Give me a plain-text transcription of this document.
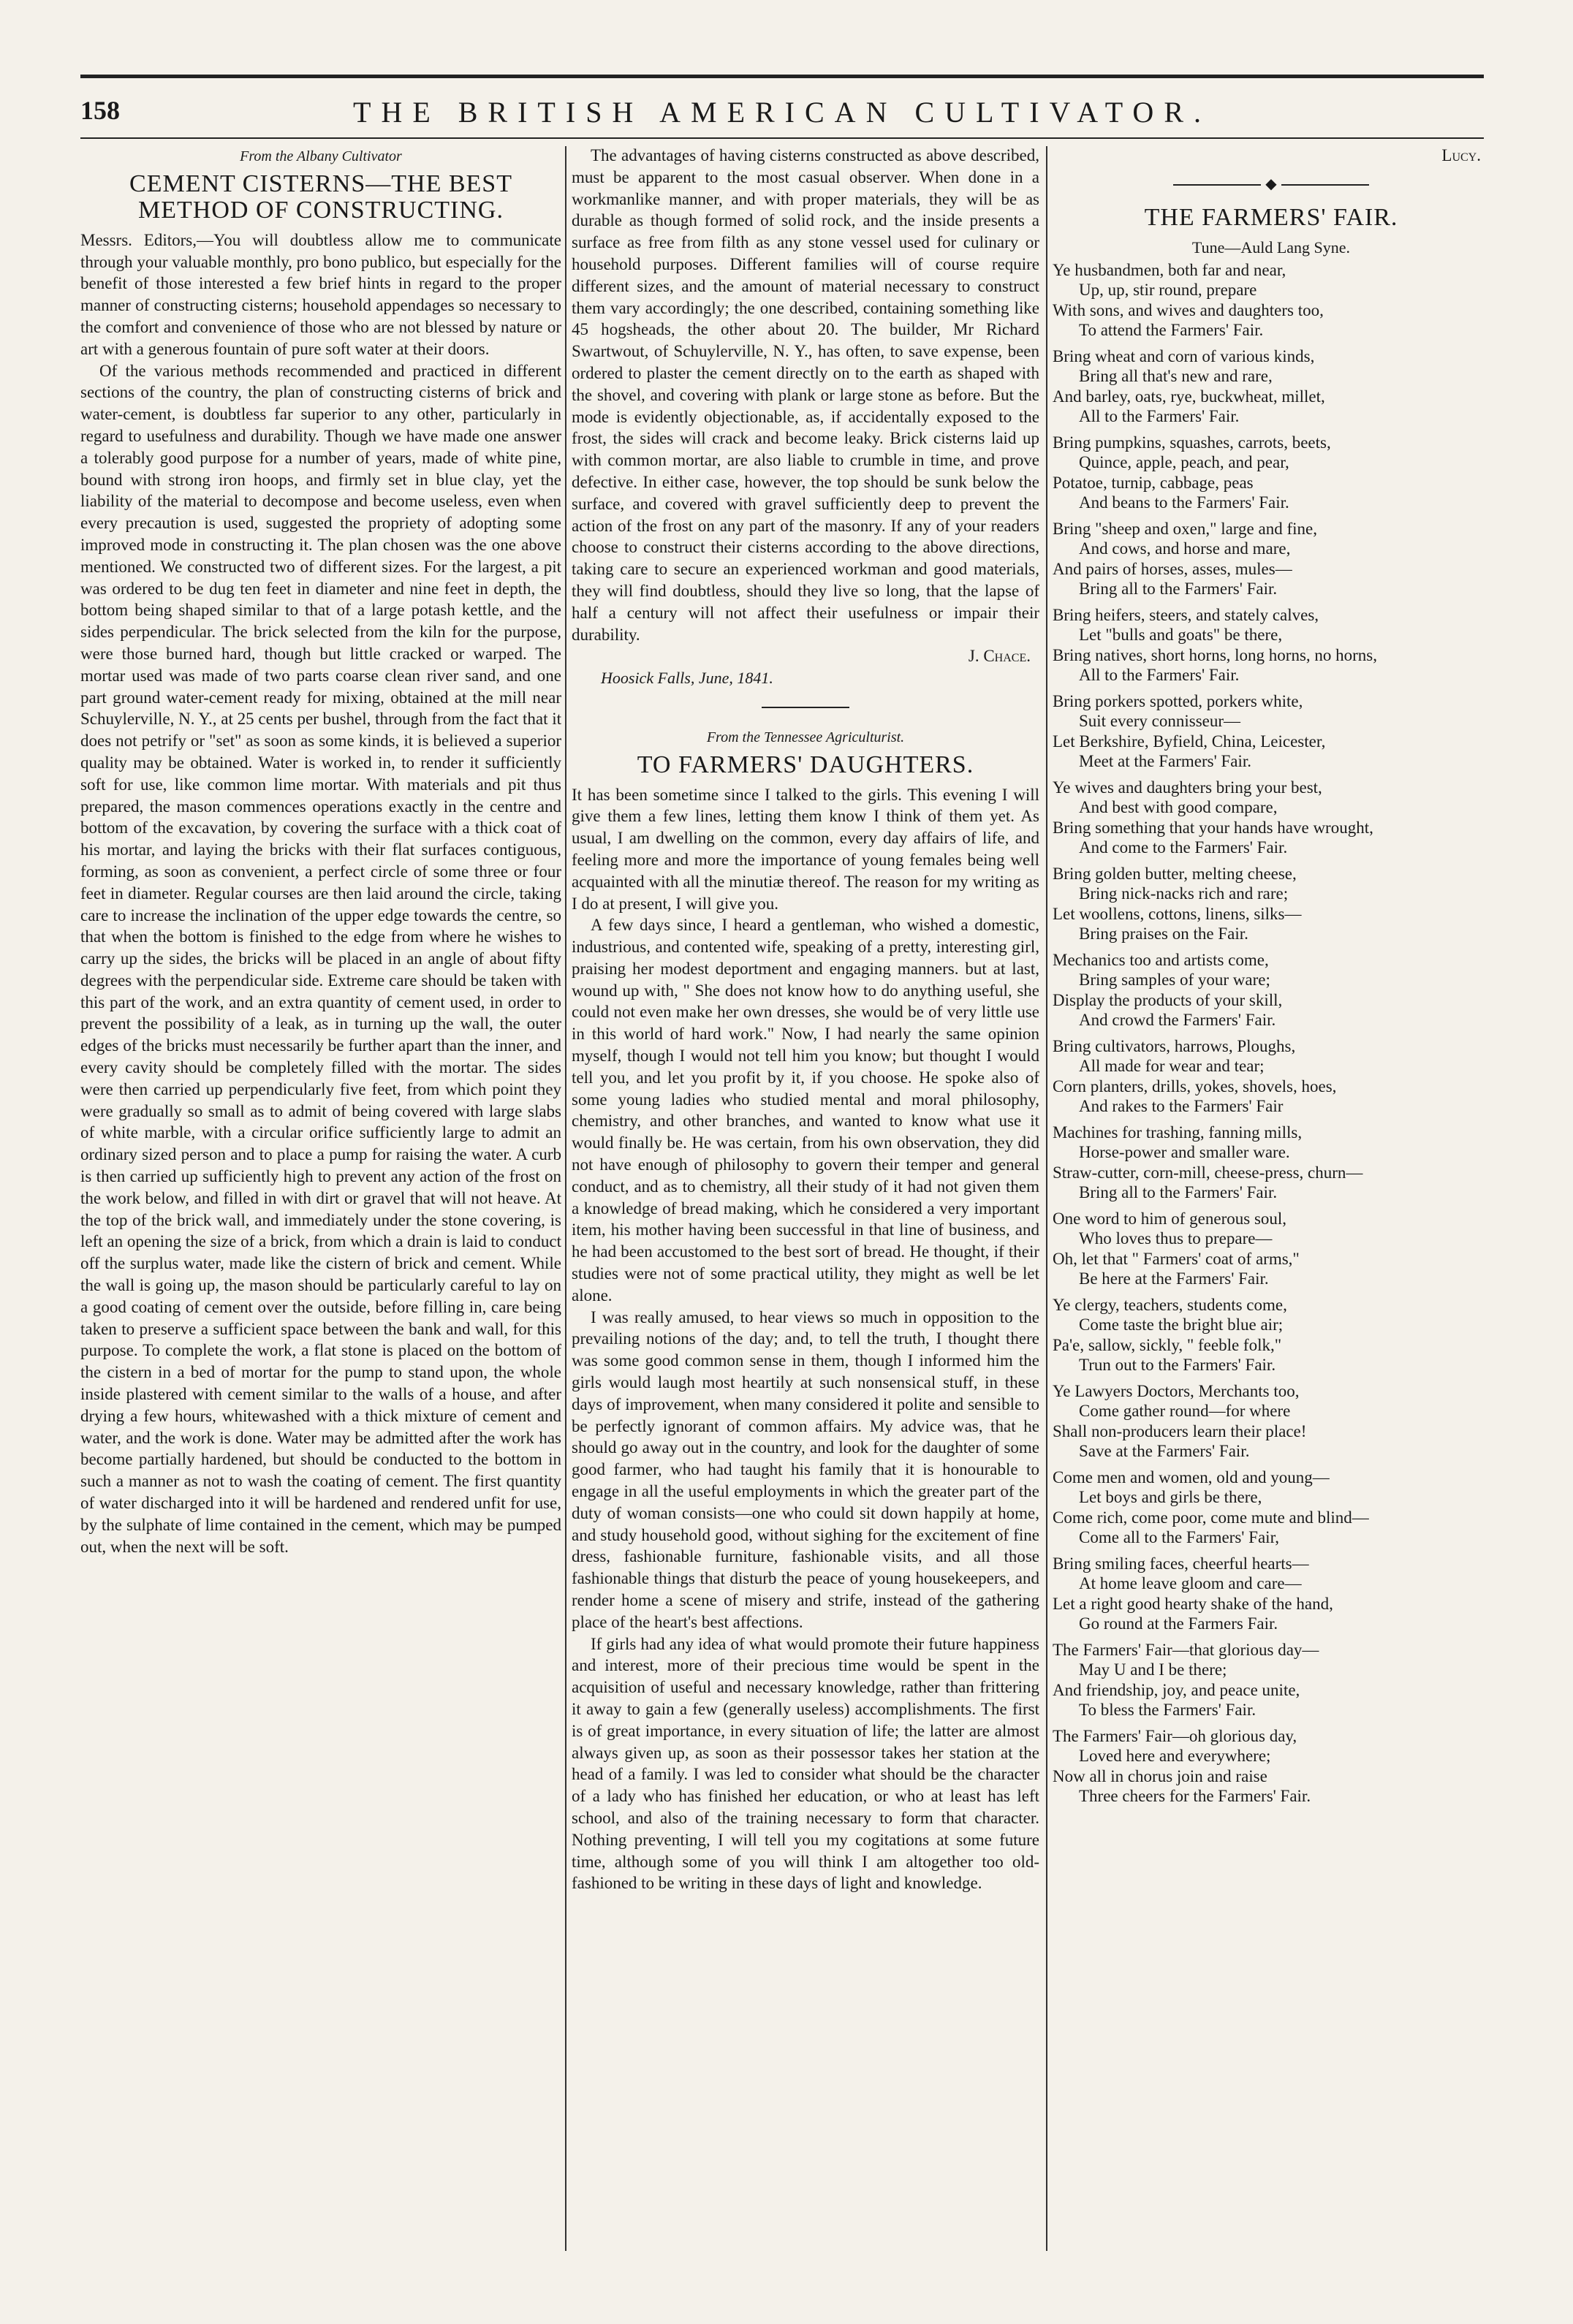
158	THE BRITISH AMERICAN CULTIVATOR.
From the Albany Cultivator
CEMENT CISTERNS—THE BEST METHOD OF CONSTRUCTING.

Messrs. Editors,—You will doubtless allow me to communicate through your valuable monthly, pro bono publico, but especially for the benefit of those interested a few brief hints in regard to the proper manner of constructing cisterns; household appendages so necessary to the comfort and convenience of those who are not blessed by nature or art with a generous fountain of pure soft water at their doors.

Of the various methods recommended and practiced in different sections of the country, the plan of constructing cisterns of brick and water-cement, is doubtless far superior to any other, particularly in regard to usefulness and durability. Though we have made one answer a tolerably good purpose for a number of years, made of white pine, bound with strong iron hoops, and firmly set in blue clay, yet the liability of the material to decompose and become useless, even when every precaution is used, suggested the propriety of adopting some improved mode in constructing it. The plan chosen was the one above mentioned. We constructed two of different sizes. For the largest, a pit was ordered to be dug ten feet in diameter and nine feet in depth, the bottom being shaped similar to that of a large potash kettle, and the sides perpendicular. The brick selected from the kiln for the purpose, were those burned hard, though but little cracked or warped. The mortar used was made of two parts coarse clean river sand, and one part ground water-cement ready for mixing, obtained at the mill near Schuylerville, N. Y., at 25 cents per bushel, through from the fact that it does not petrify or "set" as soon as some kinds, it is believed a superior quality may be obtained. Water is worked in, to render it sufficiently soft for use, like common lime mortar. With materials and pit thus prepared, the mason commences operations exactly in the centre and bottom of the excavation, by covering the surface with a thick coat of his mortar, and laying the bricks with their flat surfaces contiguous, forming, as soon as convenient, a perfect circle of some three or four feet in diameter. Regular courses are then laid around the circle, taking care to increase the inclination of the upper edge towards the centre, so that when the bottom is finished to the edge from where he wishes to carry up the sides, the bricks will be placed in an angle of about fifty degrees with the perpendicular side. Extreme care should be taken with this part of the work, and an extra quantity of cement used, in order to prevent the possibility of a leak, as in turning up the wall, the outer edges of the bricks must necessarily be further apart than the inner, and every cavity should be completely filled with the mortar. The sides were then carried up perpendicularly five feet, from which point they were gradually so small as to admit of being covered with large slabs of white marble, with a circular orifice sufficiently large to admit an ordinary sized person and to place a pump for raising the water. A curb is then carried up sufficiently high to prevent any action of the frost on the work below, and filled in with dirt or gravel that will not heave. At the top of the brick wall, and immediately under the stone covering, is left an opening the size of a brick, from which a drain is laid to conduct off the surplus water, made like the cistern of brick and cement. While the wall is going up, the mason should be particularly careful to lay on a good coating of cement over the outside, before filling in, care being taken to preserve a sufficient space between the bank and wall, for this purpose. To complete the work, a flat stone is placed on the bottom of the cistern in a bed of mortar for the pump to stand upon, the whole inside plastered with cement similar to the walls of a house, and after drying a few hours, whitewashed with a thick mixture of cement and water, and the work is done. Water may be admitted after the work has become partially hardened, but should be conducted to the bottom in such a manner as not to wash the coating of cement. The first quantity of water discharged into it will be hardened and rendered unfit for use, by the sulphate of lime contained in the cement, which may be pumped out, when the next will be soft.

The advantages of having cisterns constructed as above described, must be apparent to the most casual observer. When done in a workmanlike manner, and with proper materials, they will be as durable as though formed of solid rock, and the inside presents a surface as free from filth as any stone vessel used for culinary or household purposes. Different families will of course require different sizes, and the amount of material necessary to construct them vary accordingly; the one described, containing something like 45 hogsheads, the other about 20. The builder, Mr Richard Swartwout, of Schuylerville, N. Y., has often, to save expense, been ordered to plaster the cement directly on to the earth as shaped with the shovel, and covering with plank or large stone as before. But the mode is evidently objectionable, as, if accidentally exposed to the frost, the sides will crack and become leaky. Brick cisterns laid up with common mortar, are also liable to crumble in time, and prove defective. In either case, however, the top should be sunk below the surface, and covered with gravel sufficiently deep to prevent the action of the frost on any part of the masonry. If any of your readers choose to construct their cisterns according to the above directions, taking care to secure an experienced workman and good materials, they will find doubtless, should they live so long, that the lapse of half a century will not affect their usefulness or impair their durability.

J. Chace.
Hoosick Falls, June, 1841.
From the Tennessee Agriculturist.
TO FARMERS' DAUGHTERS.

It has been sometime since I talked to the girls. This evening I will give them a few lines, letting them know I think of them yet. As usual, I am dwelling on the common, every day affairs of life, and feeling more and more the importance of young females being well acquainted with all the minutiæ thereof. The reason for my writing as I do at present, I will give you.

A few days since, I heard a gentleman, who wished a domestic, industrious, and contented wife, speaking of a pretty, interesting girl, praising her modest deportment and engaging manners. but at last, wound up with, " She does not know how to do anything useful, she could not even make her own dresses, she would be of very little use in this world of hard work." Now, I had nearly the same opinion myself, though I would not tell him you know; but thought I would tell you, and let you profit by it, if you choose. He spoke also of some young ladies who studied mental and moral philosophy, chemistry, and other branches, and wanted to know what use it would finally be. He was certain, from his own observation, they did not have enough of philosophy to govern their temper and general conduct, and as to chemistry, all their study of it had not given them a knowledge of bread making, which he considered a very important item, his mother having been successful in that line of business, and he had been accustomed to the best sort of bread. He thought, if their studies were not of some practical utility, they might as well be let alone.

I was really amused, to hear views so much in opposition to the prevailing notions of the day; and, to tell the truth, I thought there was some good common sense in them, though I informed him the girls would laugh most heartily at such nonsensical stuff, in these days of improvement, when many considered it polite and sensible to be perfectly ignorant of common affairs. My advice was, that he should go away out in the country, and look for the daughter of some good farmer, who had taught his family that it is honourable to engage in all the useful employments in which the greater part of the duty of woman consists—one who could sit down happily at home, and study household good, without sighing for the excitement of fine dress, fashionable furniture, fashionable visits, and all those fashionable things that disturb the peace of young housekeepers, and render home a scene of misery and strife, instead of the gathering place of the heart's best affections.

If girls had any idea of what would promote their future happiness and interest, more of their precious time would be spent in the acquisition of useful and necessary knowledge, rather than frittering it away to gain a few (generally useless) accomplishments. The first is of great importance, in every situation of life; the latter are almost always given up, as soon as their possessor takes her station at the head of a family. I was led to consider what should be the character of a lady who has finished her education, or who at least has left school, and also of the training necessary to form that character. Nothing preventing, I will tell you my cogitations at some future time, although some of you will think I am altogether too old-fashioned to be writing in these days of light and knowledge.

Lucy.
◆
THE FARMERS' FAIR.
Tune—Auld Lang Syne.
Ye husbandmen, both far and near,
Up, up, stir round, prepare
With sons, and wives and daughters too,
To attend the Farmers' Fair.
Bring wheat and corn of various kinds,
Bring all that's new and rare,
And barley, oats, rye, buckwheat, millet,
All to the Farmers' Fair.
Bring pumpkins, squashes, carrots, beets,
Quince, apple, peach, and pear,
Potatoe, turnip, cabbage, peas
And beans to the Farmers' Fair.
Bring "sheep and oxen," large and fine,
And cows, and horse and mare,
And pairs of horses, asses, mules—
Bring all to the Farmers' Fair.
Bring heifers, steers, and stately calves,
Let "bulls and goats" be there,
Bring natives, short horns, long horns, no horns,
All to the Farmers' Fair.
Bring porkers spotted, porkers white,
Suit every connisseur—
Let Berkshire, Byfield, China, Leicester,
Meet at the Farmers' Fair.
Ye wives and daughters bring your best,
And best with good compare,
Bring something that your hands have wrought,
And come to the Farmers' Fair.
Bring golden butter, melting cheese,
Bring nick-nacks rich and rare;
Let woollens, cottons, linens, silks—
Bring praises on the Fair.
Mechanics too and artists come,
Bring samples of your ware;
Display the products of your skill,
And crowd the Farmers' Fair.
Bring cultivators, harrows, Ploughs,
All made for wear and tear;
Corn planters, drills, yokes, shovels, hoes,
And rakes to the Farmers' Fair
Machines for trashing, fanning mills,
Horse-power and smaller ware.
Straw-cutter, corn-mill, cheese-press, churn—
Bring all to the Farmers' Fair.
One word to him of generous soul,
Who loves thus to prepare—
Oh, let that " Farmers' coat of arms,"
Be here at the Farmers' Fair.
Ye clergy, teachers, students come,
Come taste the bright blue air;
Pa'e, sallow, sickly, " feeble folk,"
Trun out to the Farmers' Fair.
Ye Lawyers Doctors, Merchants too,
Come gather round—for where
Shall non-producers learn their place!
Save at the Farmers' Fair.
Come men and women, old and young—
Let boys and girls be there,
Come rich, come poor, come mute and blind—
Come all to the Farmers' Fair,
Bring smiling faces, cheerful hearts—
At home leave gloom and care—
Let a right good hearty shake of the hand,
Go round at the Farmers Fair.
The Farmers' Fair—that glorious day—
May U and I be there;
And friendship, joy, and peace unite,
To bless the Farmers' Fair.
The Farmers' Fair—oh glorious day,
Loved here and everywhere;
Now all in chorus join and raise
Three cheers for the Farmers' Fair.
